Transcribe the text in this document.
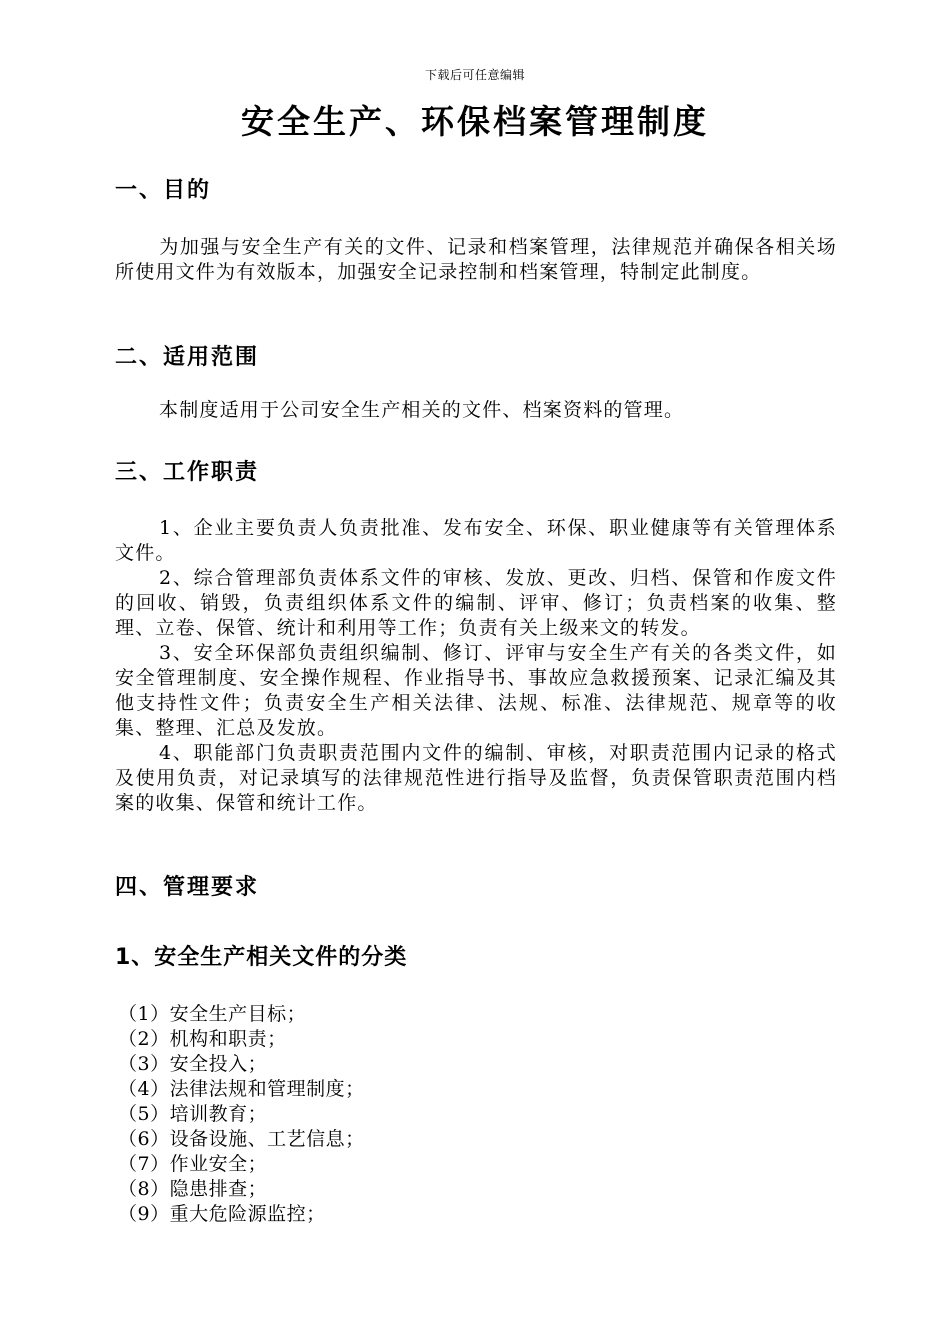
下载后可任意编辑
安全生产、环保档案管理制度
一、目的
为加强与安全生产有关的文件、记录和档案管理，法律规范并确保各相关场所使用文件为有效版本，加强安全记录控制和档案管理，特制定此制度。
二、适用范围
本制度适用于公司安全生产相关的文件、档案资料的管理。
三、工作职责
1、企业主要负责人负责批准、发布安全、环保、职业健康等有关管理体系文件。
2、综合管理部负责体系文件的审核、发放、更改、归档、保管和作废文件的回收、销毁，负责组织体系文件的编制、评审、修订；负责档案的收集、整理、立卷、保管、统计和利用等工作；负责有关上级来文的转发。
3、安全环保部负责组织编制、修订、评审与安全生产有关的各类文件，如安全管理制度、安全操作规程、作业指导书、事故应急救援预案、记录汇编及其他支持性文件；负责安全生产相关法律、法规、标准、法律规范、规章等的收集、整理、汇总及发放。
4、职能部门负责职责范围内文件的编制、审核，对职责范围内记录的格式及使用负责，对记录填写的法律规范性进行指导及监督，负责保管职责范围内档案的收集、保管和统计工作。
四、管理要求
1、安全生产相关文件的分类
（1）安全生产目标；
（2）机构和职责；
（3）安全投入；
（4）法律法规和管理制度；
（5）培训教育；
（6）设备设施、工艺信息；
（7）作业安全；
（8）隐患排查；
（9）重大危险源监控；
